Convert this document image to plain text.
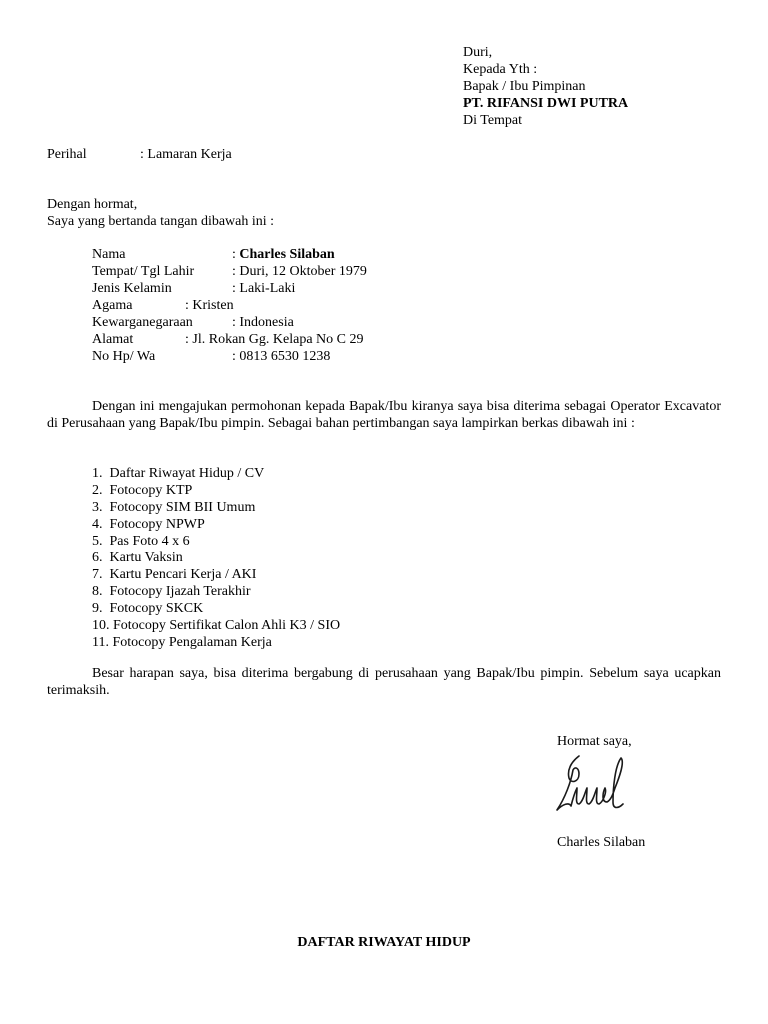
Duri,
Kepada Yth :
Bapak / Ibu Pimpinan
PT. RIFANSI DWI PUTRA
Di Tempat
Perihal	: Lamaran Kerja
Dengan hormat,
Saya yang bertanda tangan dibawah ini :
Nama	: Charles Silaban
Tempat/ Tgl Lahir	: Duri, 12 Oktober 1979
Jenis Kelamin	: Laki-Laki
Agama	: Kristen
Kewarganegaraan	: Indonesia
Alamat	: Jl. Rokan Gg. Kelapa No C 29
No Hp/ Wa	: 0813 6530 1238
Dengan ini mengajukan permohonan kepada Bapak/Ibu kiranya saya bisa diterima sebagai Operator Excavator di Perusahaan yang Bapak/Ibu pimpin. Sebagai bahan pertimbangan saya lampirkan berkas dibawah ini :
1.  Daftar Riwayat Hidup / CV
2.  Fotocopy KTP
3.  Fotocopy SIM BII Umum
4.  Fotocopy NPWP
5.  Pas Foto 4 x 6
6.  Kartu Vaksin
7.  Kartu Pencari Kerja / AKI
8.  Fotocopy Ijazah Terakhir
9.  Fotocopy SKCK
10. Fotocopy Sertifikat Calon Ahli K3 / SIO
11. Fotocopy Pengalaman Kerja
Besar harapan saya, bisa diterima bergabung di perusahaan yang Bapak/Ibu pimpin. Sebelum saya ucapkan terimaksih.
Hormat saya,
Charles Silaban
DAFTAR RIWAYAT HIDUP
